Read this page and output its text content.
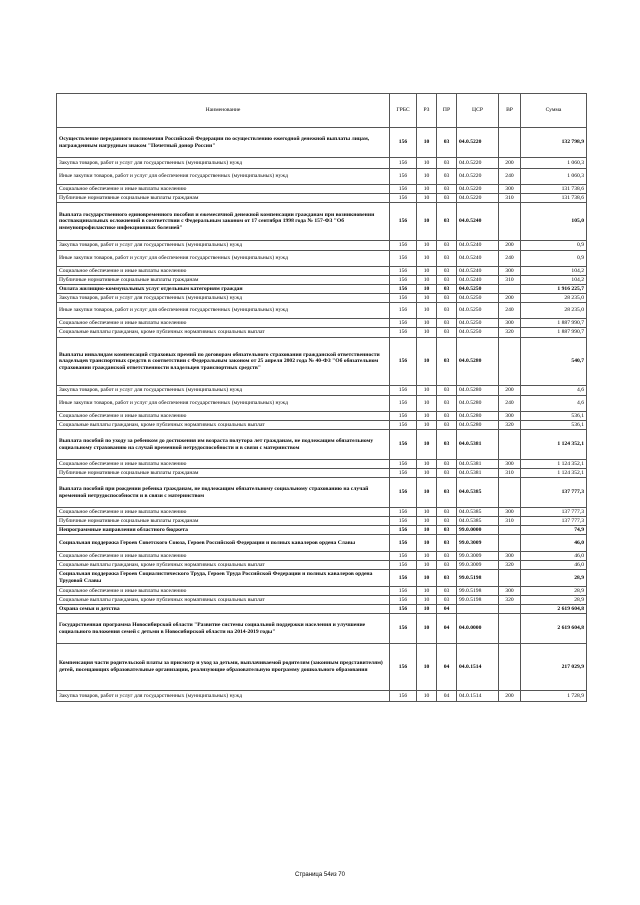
Наименование	ГРБС	РЗ	ПР	ЦСР	ВР	Сумма
Осуществление переданного полномочия Российской Федерации по осуществлению ежегодной денежной выплаты лицам, награжденным нагрудным знаком "Почетный донор России"	156	10	03	04.0.5220		132 798,9
Закупка товаров, работ и услуг для государственных (муниципальных) нужд	156	10	03	04.0.5220	200	1 060,3
Иные закупки товаров, работ и услуг для обеспечения государственных (муниципальных) нужд	156	10	03	04.0.5220	240	1 060,3
Социальное обеспечение и иные выплаты населению	156	10	03	04.0.5220	300	131 738,6
Публичные нормативные социальные выплаты гражданам	156	10	03	04.0.5220	310	131 738,6
Выплата государственного единовременного пособия и ежемесячной денежной компенсации гражданам при возникновении поствакцинальных осложнений в соответствии с Федеральным законом от 17 сентября 1998 года № 157-ФЗ "Об иммунопрофилактике инфекционных болезней"	156	10	03	04.0.5240		105,0
Закупка товаров, работ и услуг для государственных (муниципальных) нужд	156	10	03	04.0.5240	200	0,9
Иные закупки товаров, работ и услуг для обеспечения государственных (муниципальных) нужд	156	10	03	04.0.5240	240	0,9
Социальное обеспечение и иные выплаты населению	156	10	03	04.0.5240	300	104,2
Публичные нормативные социальные выплаты гражданам	156	10	03	04.0.5240	310	104,2
Оплата жилищно-коммунальных услуг отдельным категориям граждан	156	10	03	04.0.5250		1 916 225,7
Закупка товаров, работ и услуг для государственных (муниципальных) нужд	156	10	03	04.0.5250	200	28 235,0
Иные закупки товаров, работ и услуг для обеспечения государственных (муниципальных) нужд	156	10	03	04.0.5250	240	28 235,0
Социальное обеспечение и иные выплаты населению	156	10	03	04.0.5250	300	1 887 990,7
Социальные выплаты гражданам, кроме публичных нормативных социальных выплат	156	10	03	04.0.5250	320	1 887 990,7
Выплаты инвалидам компенсаций страховых премий по договорам обязательного страхования гражданской ответственности владельцев транспортных средств в соответствии с Федеральным законом от 25 апреля 2002 года № 40-ФЗ "Об обязательном страховании гражданской ответственности владельцев транспортных средств"	156	10	03	04.0.5280		540,7
Закупка товаров, работ и услуг для государственных (муниципальных) нужд	156	10	03	04.0.5280	200	4,6
Иные закупки товаров, работ и услуг для обеспечения государственных (муниципальных) нужд	156	10	03	04.0.5280	240	4,6
Социальное обеспечение и иные выплаты населению	156	10	03	04.0.5280	300	536,1
Социальные выплаты гражданам, кроме публичных нормативных социальных выплат	156	10	03	04.0.5280	320	536,1
Выплата пособий по уходу за ребенком до достижения им возраста полутора лет гражданам, не подлежащим обязательному социальному страхованию на случай временной нетрудоспособности и в связи с материнством	156	10	03	04.0.5381		1 124 352,1
Социальное обеспечение и иные выплаты населению	156	10	03	04.0.5381	300	1 124 352,1
Публичные нормативные социальные выплаты гражданам	156	10	03	04.0.5381	310	1 124 352,1
Выплата пособий при рождении ребенка гражданам, не подлежащим обязательному социальному страхованию на случай временной нетрудоспособности и в связи с материнством	156	10	03	04.0.5385		137 777,3
Социальное обеспечение и иные выплаты населению	156	10	03	04.0.5385	300	137 777,3
Публичные нормативные социальные выплаты гражданам	156	10	03	04.0.5385	310	137 777,3
Непрограммные направления областного бюджета	156	10	03	99.0.0000		74,9
Социальная поддержка Героев Советского Союза, Героев Российской Федерации и полных кавалеров ордена Славы	156	10	03	99.0.3009		46,0
Социальное обеспечение и иные выплаты населению	156	10	03	99.0.3009	300	46,0
Социальные выплаты гражданам, кроме публичных нормативных социальных выплат	156	10	03	99.0.3009	320	46,0
Социальная поддержка Героев Социалистического Труда, Героев Труда Российской Федерации и полных кавалеров ордена Трудовой Славы	156	10	03	99.0.5198		28,9
Социальное обеспечение и иные выплаты населению	156	10	03	99.0.5198	300	28,9
Социальные выплаты гражданам, кроме публичных нормативных социальных выплат	156	10	03	99.0.5198	320	28,9
Охрана семьи и детства	156	10	04			2 619 604,8
Государственная программа Новосибирской области "Развитие системы социальной поддержки населения и улучшение социального положения семей с детьми в Новосибирской области на 2014-2019 годы"	156	10	04	04.0.0000		2 619 604,8
Компенсация части родительской платы за присмотр и уход за детьми, выплачиваемой родителям (законным представителям) детей, посещающих образовательные организации, реализующие образовательную программу дошкольного образования	156	10	04	04.0.1514		217 029,9
Закупка товаров, работ и услуг для государственных (муниципальных) нужд	156	10	04	04.0.1514	200	1 728,9
Страница 54из 70
